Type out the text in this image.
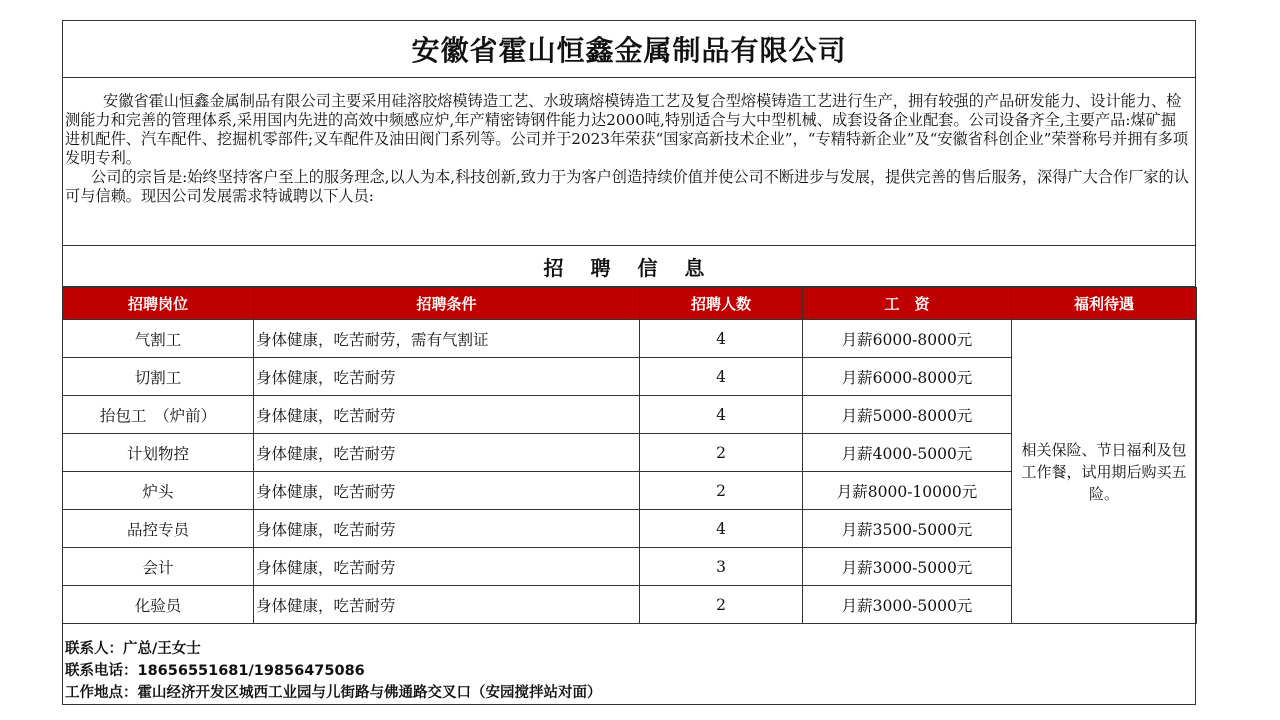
安徽省霍山恒鑫金属制品有限公司

安徽省霍山恒鑫金属制品有限公司主要采用硅溶胶熔模铸造工艺、水玻璃熔模铸造工艺及复合型熔模铸造工艺进行生产，拥有较强的产品研发能力、设计能力、检测能力和完善的管理体系,采用国内先进的高效中频感应炉,年产精密铸钢件能力达2000吨,特别适合与大中型机械、成套设备企业配套。公司设备齐全,主要产品:煤矿掘进机配件、汽车配件、挖掘机零部件;叉车配件及油田阀门系列等。公司并于2023年荣获“国家高新技术企业”，“专精特新企业”及“安徽省科创企业”荣誉称号并拥有多项发明专利。

公司的宗旨是:始终坚持客户至上的服务理念,以人为本,科技创新,致力于为客户创造持续价值并使公司不断进步与发展，提供完善的售后服务，深得广大合作厂家的认可与信赖。现因公司发展需求特诚聘以下人员:

招 聘 信 息
招聘岗位	招聘条件	招聘人数	工　资	福利待遇
气割工	身体健康，吃苦耐劳，需有气割证	4	月薪6000-8000元	相关保险、节日福利及包工作餐，试用期后购买五险。
切割工	身体健康，吃苦耐劳	4	月薪6000-8000元	
抬包工　（炉前）	身体健康，吃苦耐劳	4	月薪5000-8000元	
计划物控	身体健康，吃苦耐劳	2	月薪4000-5000元	
炉头	身体健康，吃苦耐劳	2	月薪8000-10000元	
品控专员	身体健康，吃苦耐劳	4	月薪3500-5000元	
会计	身体健康，吃苦耐劳	3	月薪3000-5000元	
化验员	身体健康，吃苦耐劳	2	月薪3000-5000元	
联系人：广总/王女士
联系电话：18656551681/19856475086
工作地点：霍山经济开发区城西工业园与儿街路与佛通路交叉口（安园搅拌站对面）
